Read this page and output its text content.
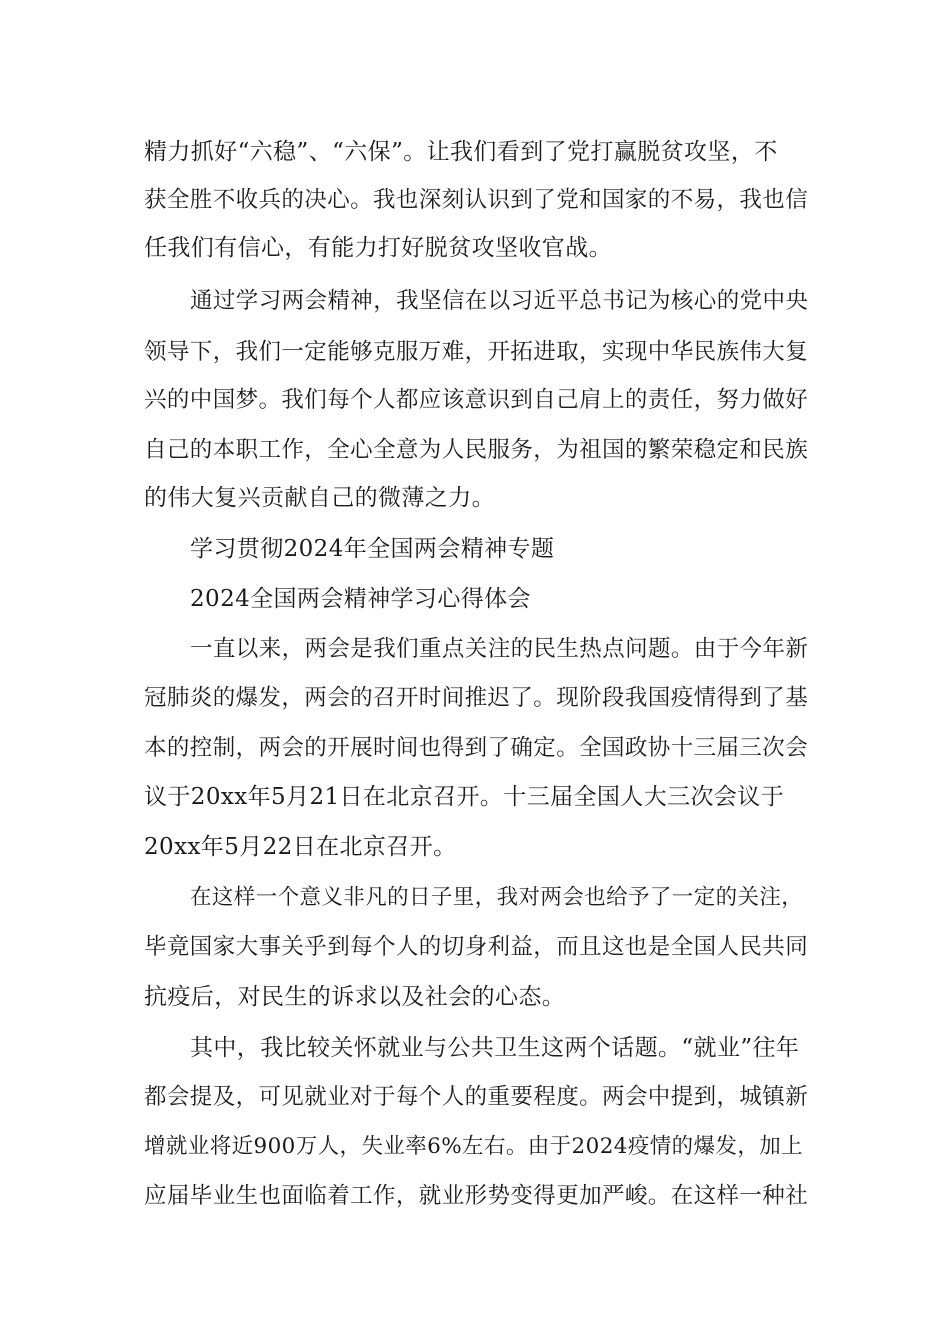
精力抓好“六稳”、“六保”。让我们看到了党打赢脱贫攻坚，不
获全胜不收兵的决心。我也深刻认识到了党和国家的不易，我也信
任我们有信心，有能力打好脱贫攻坚收官战。
通过学习两会精神，我坚信在以习近平总书记为核心的党中央
领导下，我们一定能够克服万难，开拓进取，实现中华民族伟大复
兴的中国梦。我们每个人都应该意识到自己肩上的责任，努力做好
自己的本职工作，全心全意为人民服务，为祖国的繁荣稳定和民族
的伟大复兴贡献自己的微薄之力。
学习贯彻2024年全国两会精神专题
2024全国两会精神学习心得体会
一直以来，两会是我们重点关注的民生热点问题。由于今年新
冠肺炎的爆发，两会的召开时间推迟了。现阶段我国疫情得到了基
本的控制，两会的开展时间也得到了确定。全国政协十三届三次会
议于20xx年5月21日在北京召开。十三届全国人大三次会议于
20xx年5月22日在北京召开。
在这样一个意义非凡的日子里，我对两会也给予了一定的关注，
毕竟国家大事关乎到每个人的切身利益，而且这也是全国人民共同
抗疫后，对民生的诉求以及社会的心态。
其中，我比较关怀就业与公共卫生这两个话题。“就业”往年
都会提及，可见就业对于每个人的重要程度。两会中提到，城镇新
增就业将近900万人，失业率6%左右。由于2024疫情的爆发，加上
应届毕业生也面临着工作，就业形势变得更加严峻。在这样一种社
